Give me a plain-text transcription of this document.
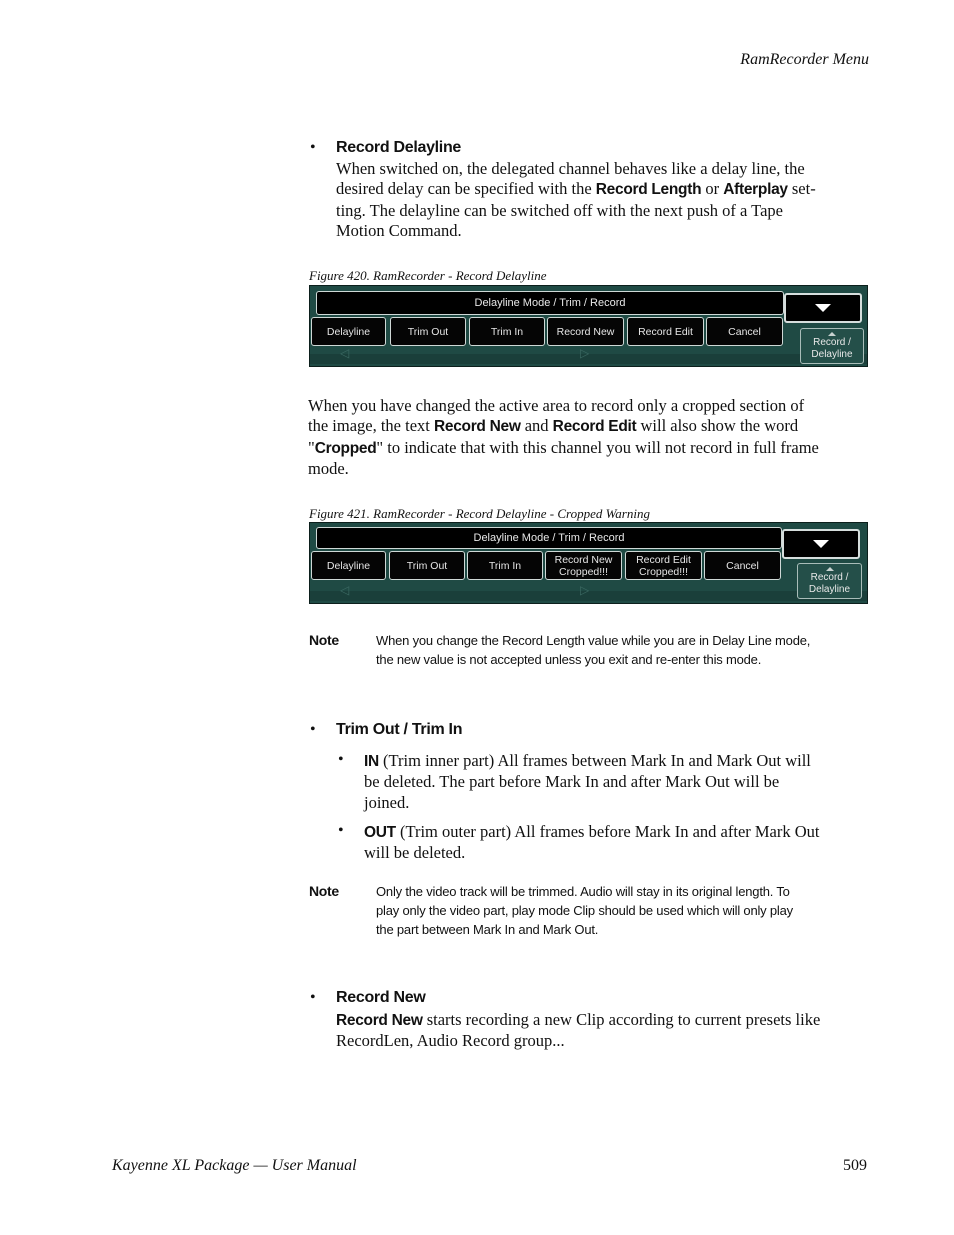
RamRecorder Menu
• Record Delayline
When switched on, the delegated channel behaves like a delay line, the
desired delay can be specified with the Record Length or Afterplay set-
ting. The delayline can be switched off with the next push of a Tape
Motion Command.
Figure 420. RamRecorder - Record Delayline
◁	▷
Delayline Mode / Trim / Record
Delayline	Trim Out	Trim In	Record New	Record Edit	Cancel
Record /
Delayline
When you have changed the active area to record only a cropped section of
the image, the text Record New and Record Edit will also show the word
"Cropped" to indicate that with this channel you will not record in full frame
mode.
Figure 421. RamRecorder - Record Delayline - Cropped Warning
◁	▷
Delayline Mode / Trim / Record
Delayline	Trim Out	Trim In	Record New
Cropped!!!
Record Edit
Cropped!!!	Cancel
Record /
Delayline
Note	When you change the Record Length value while you are in Delay Line mode,
the new value is not accepted unless you exit and re-enter this mode.
• Trim Out / Trim In
• IN (Trim inner part) All frames between Mark In and Mark Out will
be deleted. The part before Mark In and after Mark Out will be
joined.
• OUT (Trim outer part) All frames before Mark In and after Mark Out
will be deleted.
Note	Only the video track will be trimmed. Audio will stay in its original length. To
play only the video part, play mode Clip should be used which will only play
the part between Mark In and Mark Out.
• Record New
Record New starts recording a new Clip according to current presets like
RecordLen, Audio Record group...
Kayenne XL Package — User Manual	509
